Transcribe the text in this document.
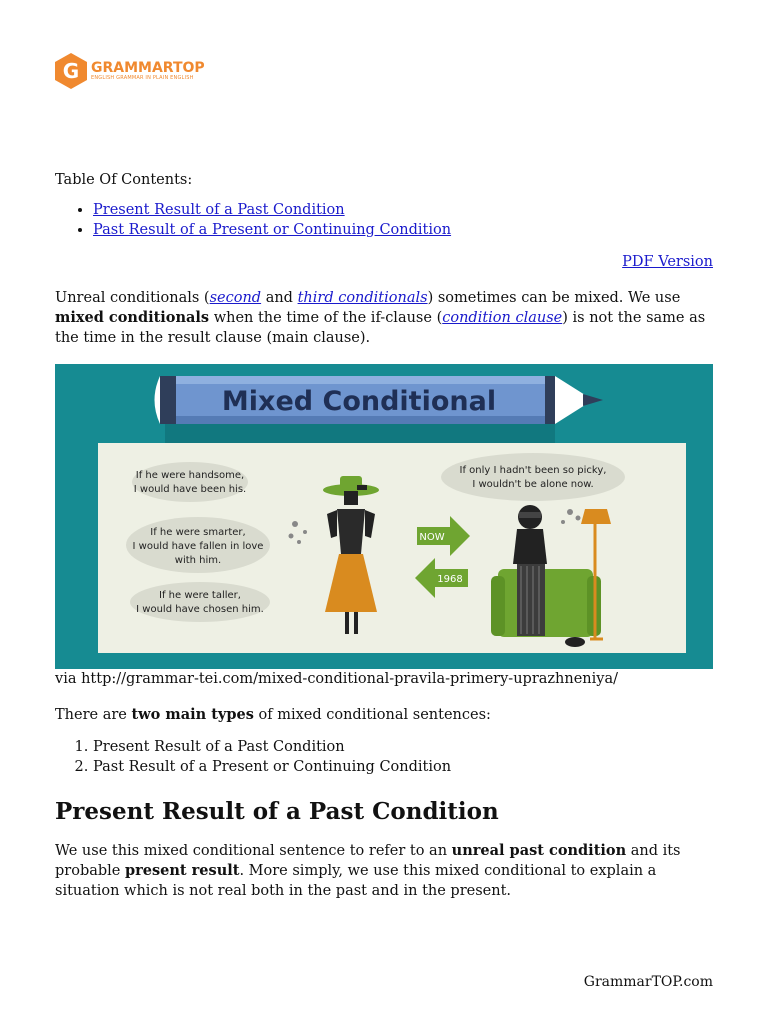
G GRAMMARTOP
ENGLISH GRAMMAR IN PLAIN ENGLISH

Table Of Contents:

• Present Result of a Past Condition
• Past Result of a Present or Continuing Condition

PDF Version

Unreal conditionals (second and third conditionals) sometimes can be mixed. We use mixed conditionals when the time of the if-clause (condition clause) is not the same as the time in the result clause (main clause).

Mixed Conditional
If he were handsome,
I would have been his.
If he were smarter,
I would have fallen in love
with him.
If he were taller,
I would have chosen him.
If only I hadn't been so picky,
I wouldn't be alone now.
NOW
1968

via http://grammar-tei.com/mixed-conditional-pravila-primery-uprazhneniya/

There are two main types of mixed conditional sentences:

1. Present Result of a Past Condition
2. Past Result of a Present or Continuing Condition
Present Result of a Past Condition

We use this mixed conditional sentence to refer to an unreal past condition and its probable present result. More simply, we use this mixed conditional to explain a situation which is not real both in the past and in the present.

GrammarTOP.com
